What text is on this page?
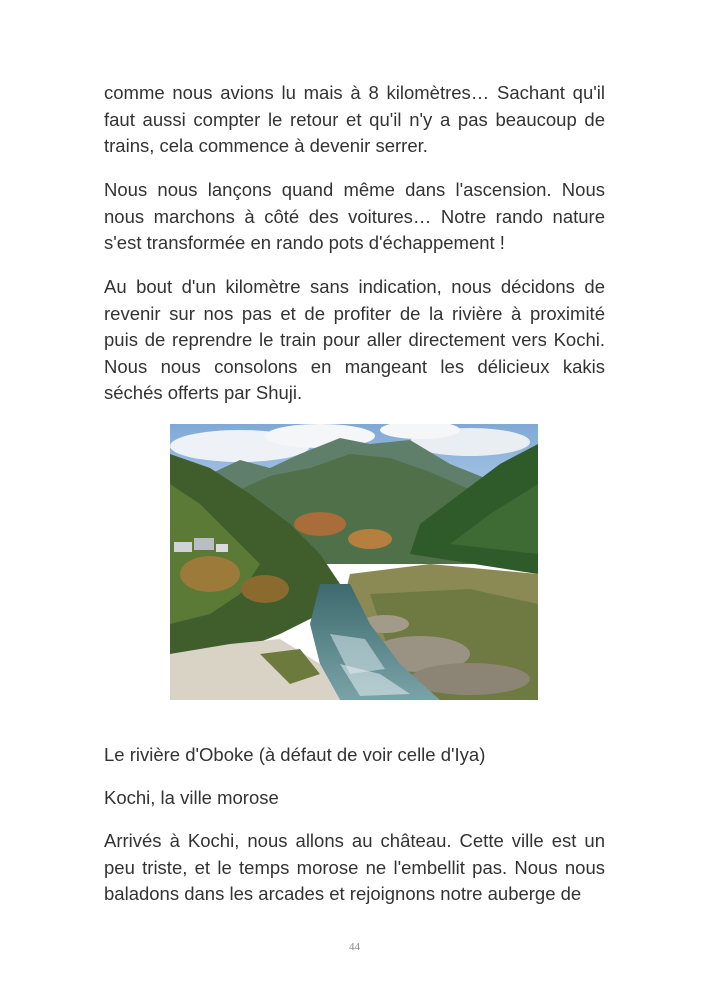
comme nous avions lu mais à 8 kilomètres… Sachant qu'il faut aussi compter le retour et qu'il n'y a pas beaucoup de trains, cela commence à devenir serrer.

Nous nous lançons quand même dans l'ascension. Nous nous marchons à côté des voitures… Notre rando nature s'est transformée en rando pots d'échappement !

Au bout d'un kilomètre sans indication, nous décidons de revenir sur nos pas et de profiter de la rivière à proximité puis de reprendre le train pour aller directement vers Kochi. Nous nous consolons en mangeant les délicieux kakis séchés offerts par Shuji.

Le rivière d'Oboke (à défaut de voir celle d'Iya)

Kochi, la ville morose

Arrivés à Kochi, nous allons au château. Cette ville est un peu triste, et le temps morose ne l'embellit pas. Nous nous baladons dans les arcades et rejoignons notre auberge de

44
